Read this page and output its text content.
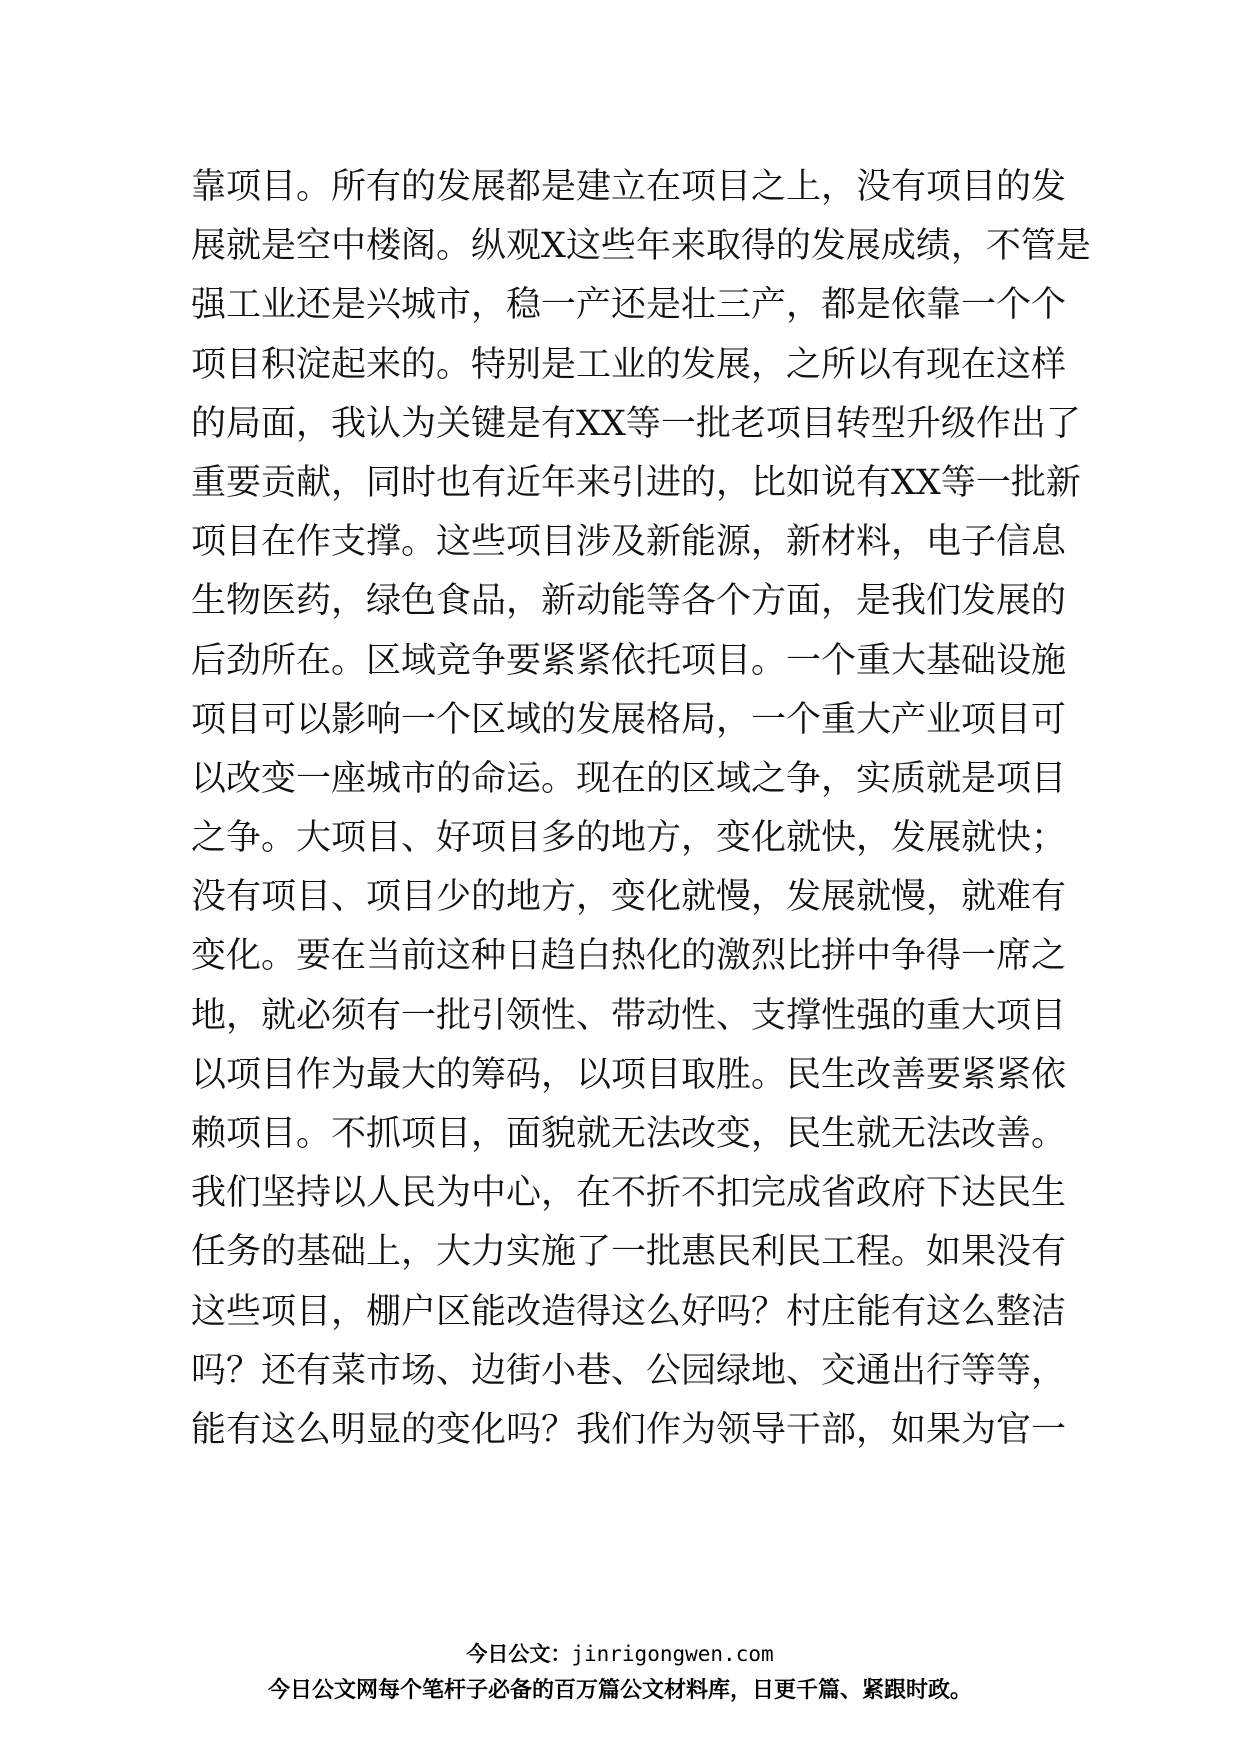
靠项目。所有的发展都是建立在项目之上，没有项目的发
展就是空中楼阁。纵观X这些年来取得的发展成绩，不管是
强工业还是兴城市，稳一产还是壮三产，都是依靠一个个
项目积淀起来的。特别是工业的发展，之所以有现在这样
的局面，我认为关键是有XX等一批老项目转型升级作出了
重要贡献，同时也有近年来引进的，比如说有XX等一批新
项目在作支撑。这些项目涉及新能源，新材料，电子信息
生物医药，绿色食品，新动能等各个方面，是我们发展的
后劲所在。区域竞争要紧紧依托项目。一个重大基础设施
项目可以影响一个区域的发展格局，一个重大产业项目可
以改变一座城市的命运。现在的区域之争，实质就是项目
之争。大项目、好项目多的地方，变化就快，发展就快；
没有项目、项目少的地方，变化就慢，发展就慢，就难有
变化。要在当前这种日趋白热化的激烈比拼中争得一席之
地，就必须有一批引领性、带动性、支撑性强的重大项目
以项目作为最大的筹码，以项目取胜。民生改善要紧紧依
赖项目。不抓项目，面貌就无法改变，民生就无法改善。
我们坚持以人民为中心，在不折不扣完成省政府下达民生
任务的基础上，大力实施了一批惠民利民工程。如果没有
这些项目，棚户区能改造得这么好吗？村庄能有这么整洁
吗？还有菜市场、边街小巷、公园绿地、交通出行等等，
能有这么明显的变化吗？我们作为领导干部，如果为官一
今日公文：jinrigongwen.com
今日公文网每个笔杆子必备的百万篇公文材料库，日更千篇、紧跟时政。
